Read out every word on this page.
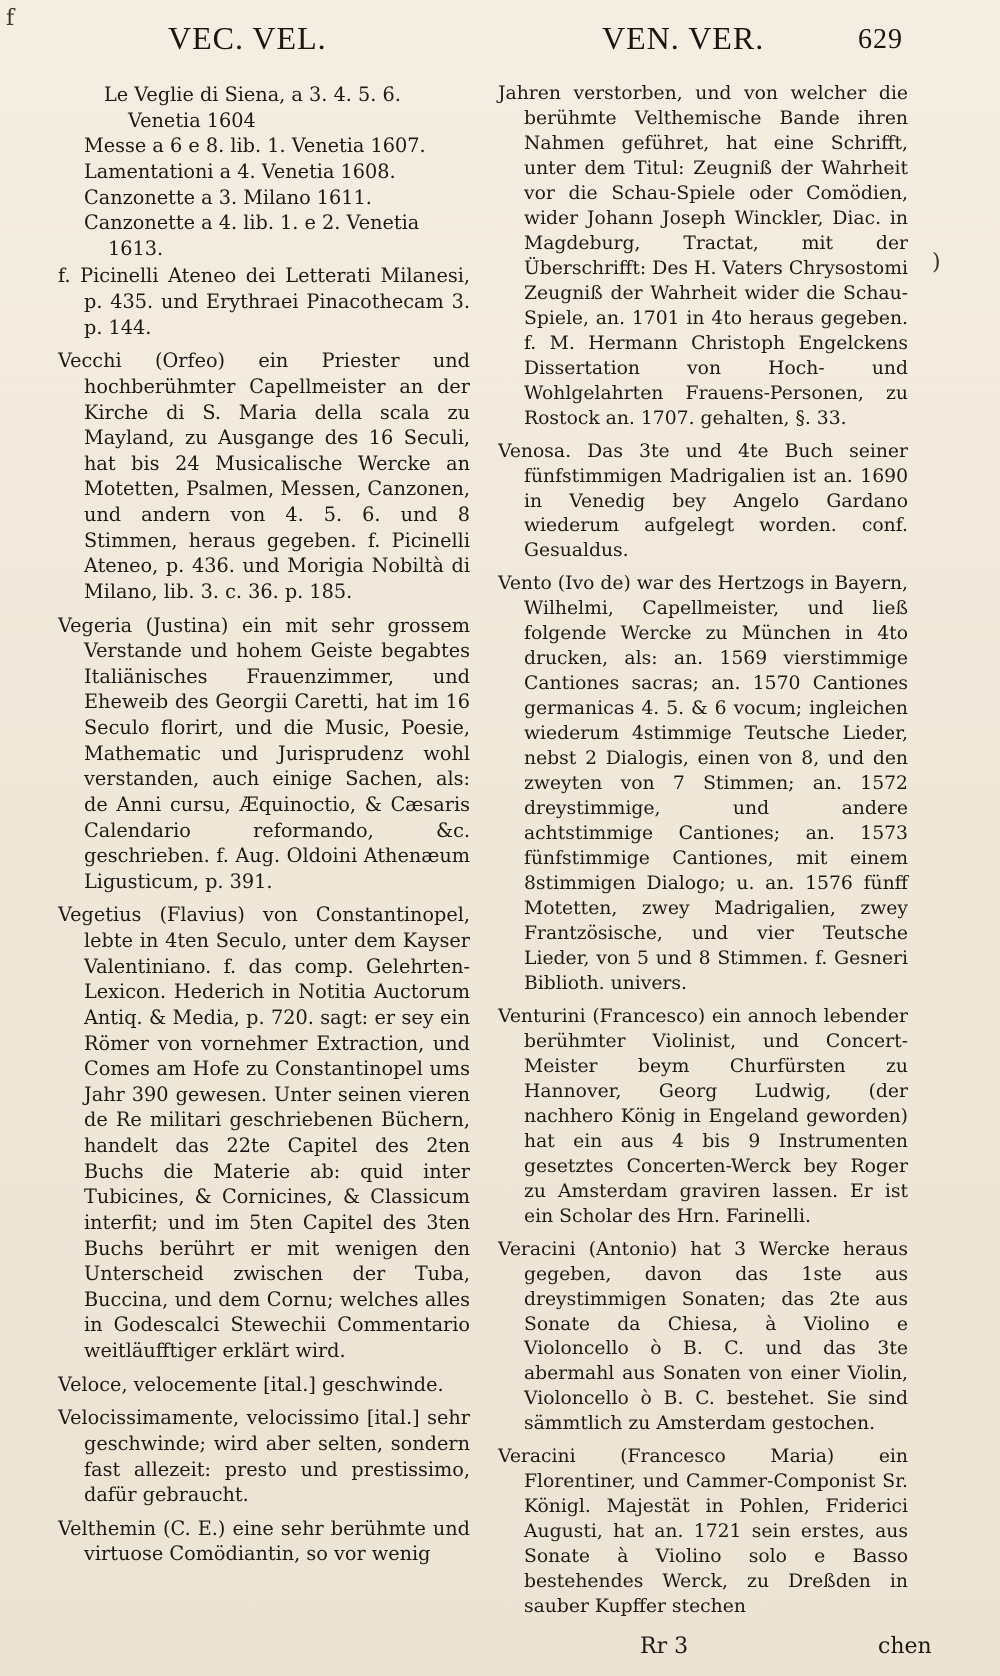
f
)
VEC. VEL.	VEN. VER.	629

Le Veglie di Siena, a 3. 4. 5. 6. Venetia 1604

Messe a 6 e 8. lib. 1. Venetia 1607.

Lamentationi a 4. Venetia 1608.

Canzonette a 3. Milano 1611.

Canzonette a 4. lib. 1. e 2. Venetia 1613.

f. Picinelli Ateneo dei Letterati Milanesi, p. 435. und Erythraei Pinacothecam 3. p. 144.

Vecchi (Orfeo) ein Priester und hochberühmter Capellmeister an der Kirche di S. Maria della scala zu Mayland, zu Ausgange des 16 Seculi, hat bis 24 Musicalische Wercke an Motetten, Psalmen, Messen, Canzonen, und andern von 4. 5. 6. und 8 Stimmen, heraus gegeben. f. Picinelli Ateneo, p. 436. und Morigia Nobiltà di Milano, lib. 3. c. 36. p. 185.

Vegeria (Justina) ein mit sehr grossem Verstande und hohem Geiste begabtes Italiänisches Frauenzimmer, und Eheweib des Georgii Caretti, hat im 16 Seculo florirt, und die Music, Poesie, Mathematic und Jurisprudenz wohl verstanden, auch einige Sachen, als: de Anni cursu, Æquinoctio, & Cæsaris Calendario reformando, &c. geschrieben. f. Aug. Oldoini Athenæum Ligusticum, p. 391.

Vegetius (Flavius) von Constantinopel, lebte in 4ten Seculo, unter dem Kayser Valentiniano. f. das comp. Gelehrten-Lexicon. Hederich in Notitia Auctorum Antiq. & Media, p. 720. sagt: er sey ein Römer von vornehmer Extraction, und Comes am Hofe zu Constantinopel ums Jahr 390 gewesen. Unter seinen vieren de Re militari geschriebenen Büchern, handelt das 22te Capitel des 2ten Buchs die Materie ab: quid inter Tubicines, & Cornicines, & Classicum interfit; und im 5ten Capitel des 3ten Buchs berührt er mit wenigen den Unterscheid zwischen der Tuba, Buccina, und dem Cornu; welches alles in Godescalci Stewechii Commentario weitläufftiger erklärt wird.

Veloce, velocemente [ital.] geschwinde.

Velocissimamente, velocissimo [ital.] sehr geschwinde; wird aber selten, sondern fast allezeit: presto und prestissimo, dafür gebraucht.

Velthemin (C. E.) eine sehr berühmte und virtuose Comödiantin, so vor wenig

Jahren verstorben, und von welcher die berühmte Velthemische Bande ihren Nahmen geführet, hat eine Schrifft, unter dem Titul: Zeugniß der Wahrheit vor die Schau-Spiele oder Comödien, wider Johann Joseph Winckler, Diac. in Magdeburg, Tractat, mit der Überschrifft: Des H. Vaters Chrysostomi Zeugniß der Wahrheit wider die Schau-Spiele, an. 1701 in 4to heraus gegeben. f. M. Hermann Christoph Engelckens Dissertation von Hoch- und Wohlgelahrten Frauens-Personen, zu Rostock an. 1707. gehalten, §. 33.

Venosa. Das 3te und 4te Buch seiner fünfstimmigen Madrigalien ist an. 1690 in Venedig bey Angelo Gardano wiederum aufgelegt worden. conf. Gesualdus.

Vento (Ivo de) war des Hertzogs in Bayern, Wilhelmi, Capellmeister, und ließ folgende Wercke zu München in 4to drucken, als: an. 1569 vierstimmige Cantiones sacras; an. 1570 Cantiones germanicas 4. 5. & 6 vocum; ingleichen wiederum 4stimmige Teutsche Lieder, nebst 2 Dialogis, einen von 8, und den zweyten von 7 Stimmen; an. 1572 dreystimmige, und andere achtstimmige Cantiones; an. 1573 fünfstimmige Cantiones, mit einem 8stimmigen Dialogo; u. an. 1576 fünff Motetten, zwey Madrigalien, zwey Frantzösische, und vier Teutsche Lieder, von 5 und 8 Stimmen. f. Gesneri Biblioth. univers.

Venturini (Francesco) ein annoch lebender berühmter Violinist, und Concert-Meister beym Churfürsten zu Hannover, Georg Ludwig, (der nachhero König in Engeland geworden) hat ein aus 4 bis 9 Instrumenten gesetztes Concerten-Werck bey Roger zu Amsterdam graviren lassen. Er ist ein Scholar des Hrn. Farinelli.

Veracini (Antonio) hat 3 Wercke heraus gegeben, davon das 1ste aus dreystimmigen Sonaten; das 2te aus Sonate da Chiesa, à Violino e Violoncello ò B. C. und das 3te abermahl aus Sonaten von einer Violin, Violoncello ò B. C. bestehet. Sie sind sämmtlich zu Amsterdam gestochen.

Veracini (Francesco Maria) ein Florentiner, und Cammer-Componist Sr. Königl. Majestät in Pohlen, Friderici Augusti, hat an. 1721 sein erstes, aus Sonate à Violino solo e Basso bestehendes Werck, zu Dreßden in sauber Kupffer stechen

Rr 3	chen
